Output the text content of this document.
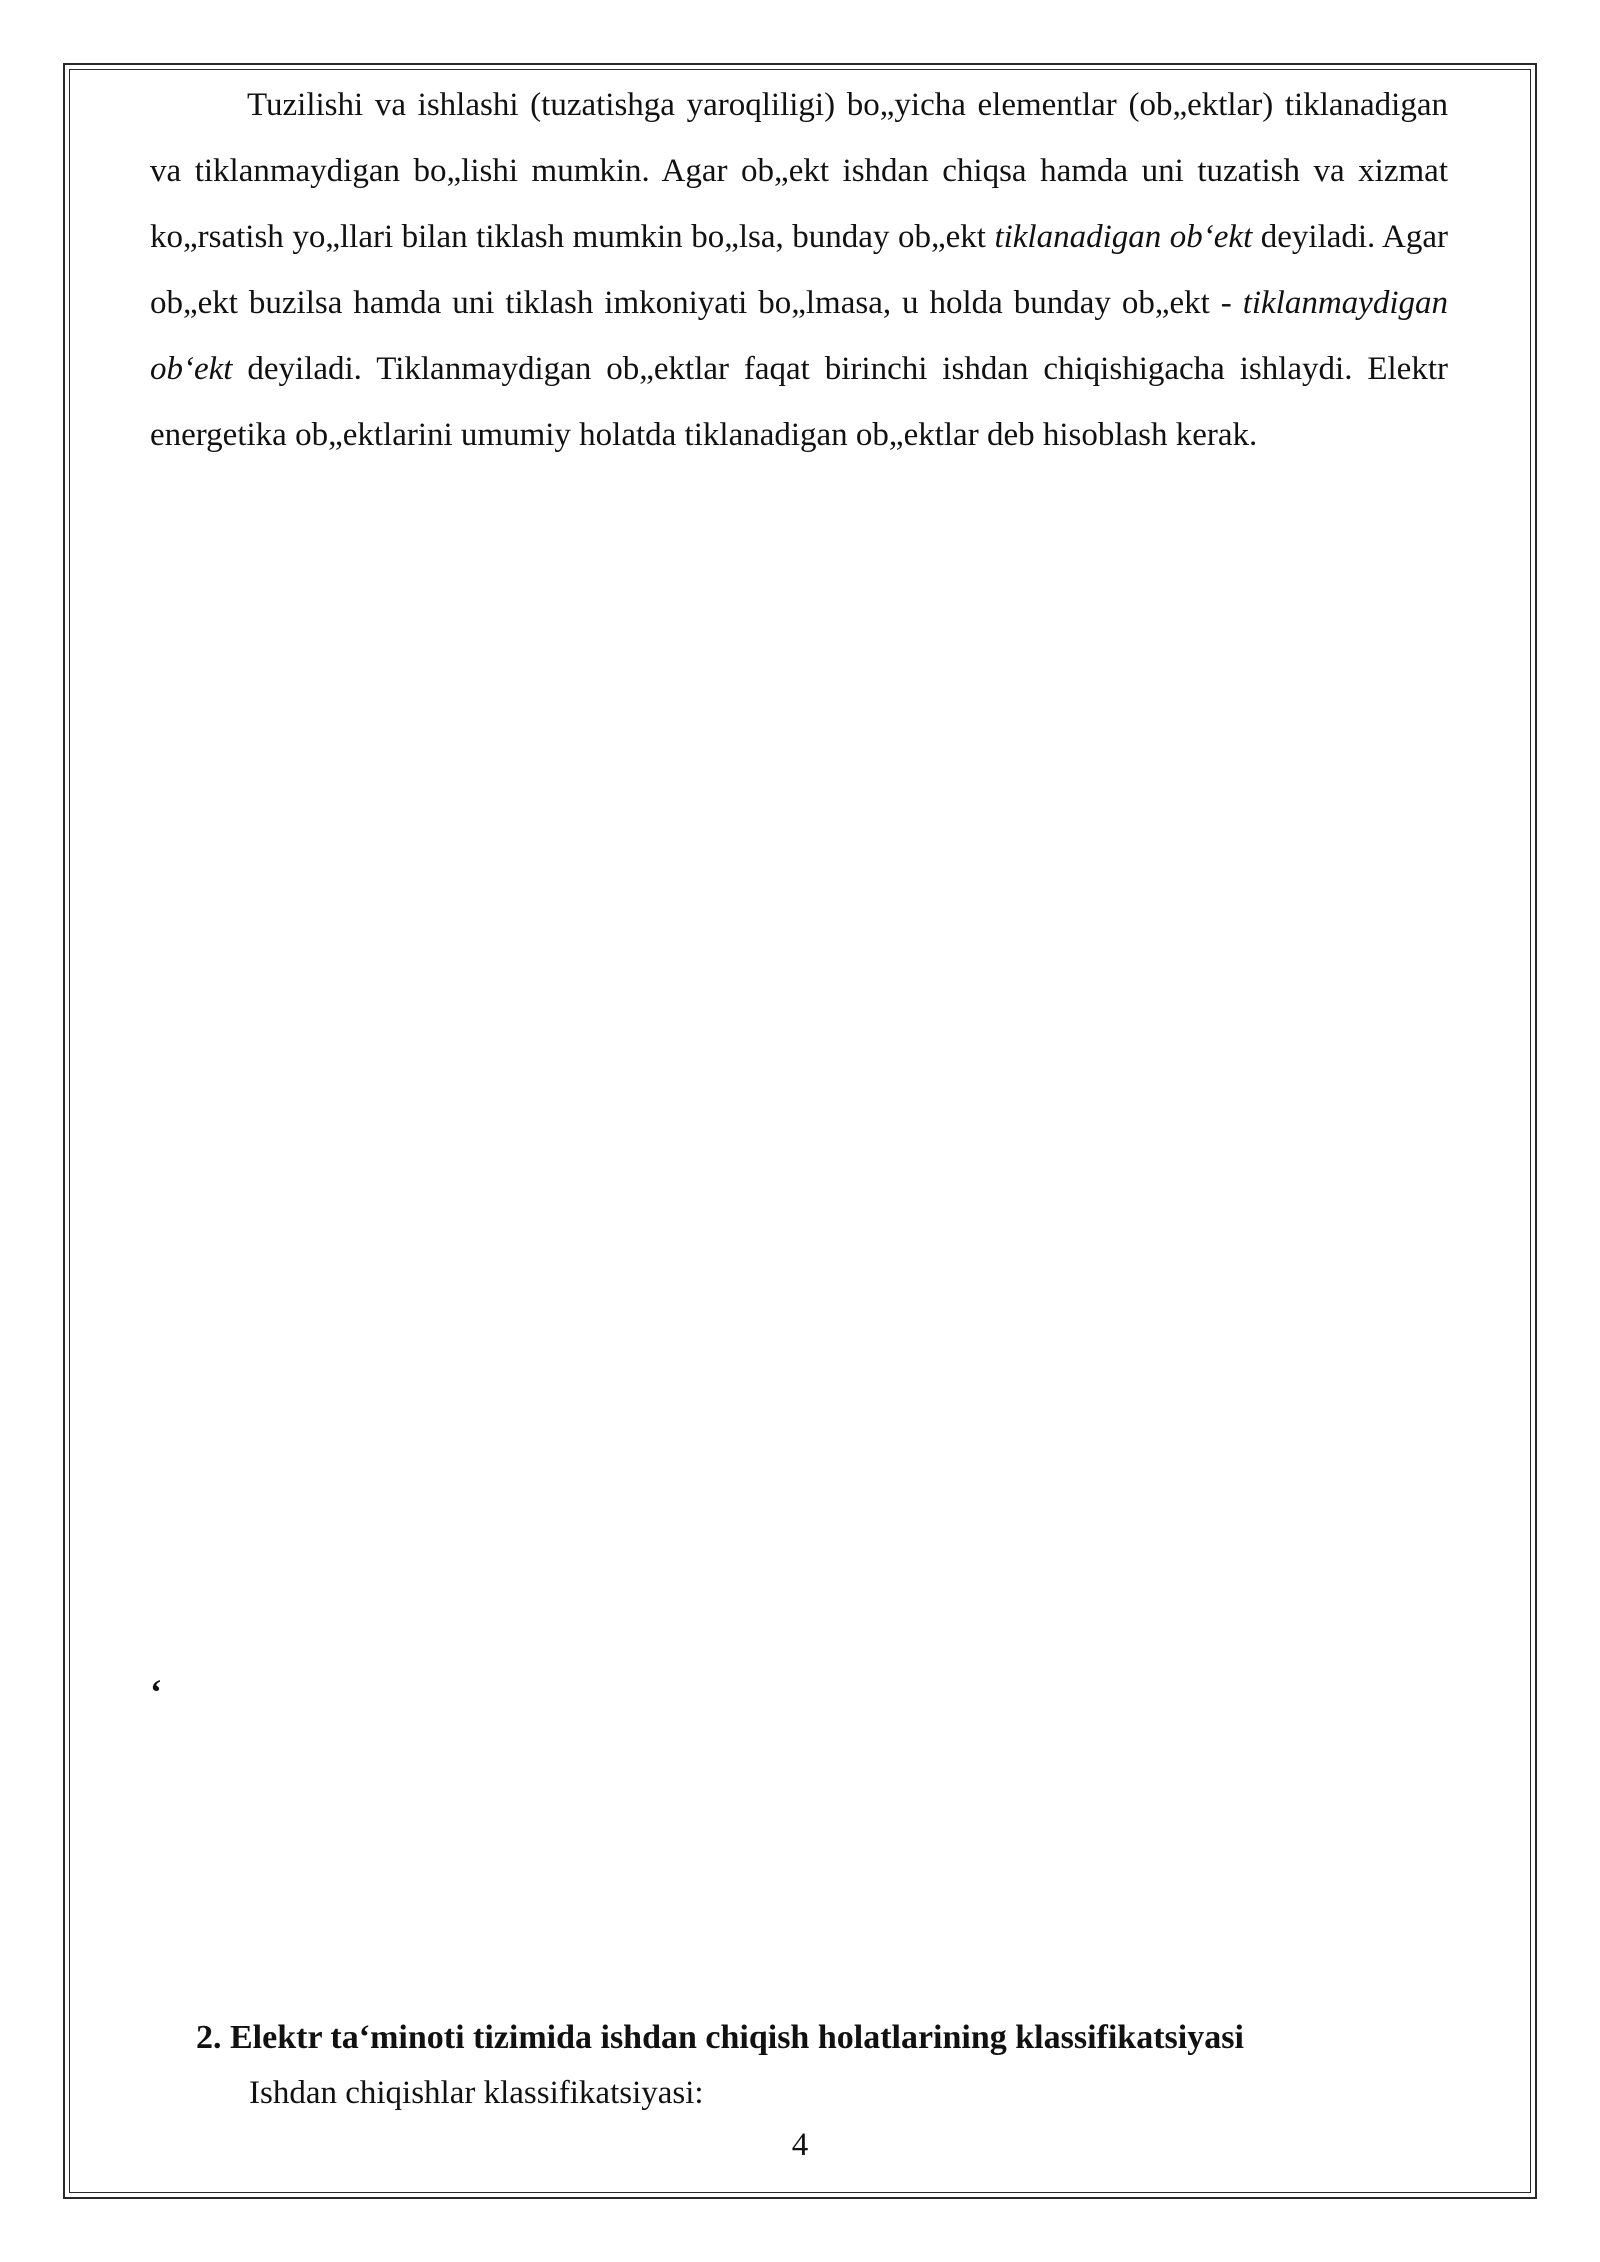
Tuzilishi va ishlashi (tuzatishga yaroqliligi) bo„yicha elementlar (ob„ektlar) tiklanadigan va tiklanmaydigan bo„lishi mumkin. Agar ob„ekt ishdan chiqsa hamda uni tuzatish va xizmat ko„rsatish yo„llari bilan tiklash mumkin bo„lsa, bunday ob„ekt tiklanadigan ob‘ekt deyiladi. Agar ob„ekt buzilsa hamda uni tiklash imkoniyati bo„lmasa, u holda bunday ob„ekt - tiklanmaydigan ob‘ekt deyiladi. Tiklanmaydigan ob„ektlar faqat birinchi ishdan chiqishigacha ishlaydi. Elektr energetika ob„ektlarini umumiy holatda tiklanadigan ob„ektlar deb hisoblash kerak.

‘
2. Elektr ta‘minoti tizimida ishdan chiqish holatlarining klassifikatsiyasi
Ishdan chiqishlar klassifikatsiyasi:
4
